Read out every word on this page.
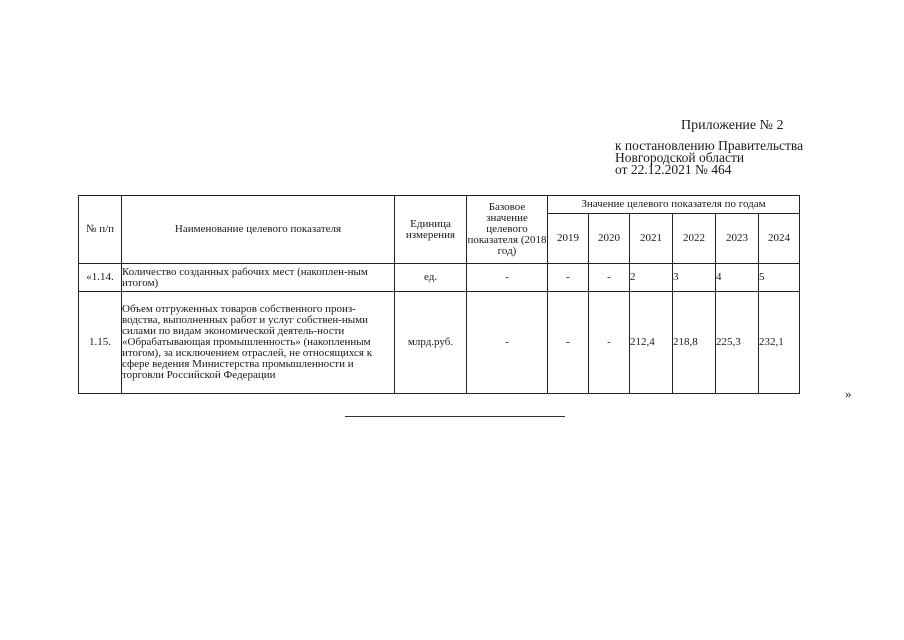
Приложение № 2
к постановлению Правительства
Новгородской области
от 22.12.2021 № 464
№ п/п	Наименование целевого показателя	Единица измерения	Базовое значение целевого показателя (2018 год)	Значение целевого показателя по годам					
				2019	2020	2021	2022	2023	2024
«1.14.	Количество созданных рабочих мест (накоплен-ным итогом)	ед.	-	-	-	2	3	4	5
1.15.	Объем отгруженных товаров собственного произ-водства, выполненных работ и услуг собствен-ными силами по видам экономической деятель-ности «Обрабатывающая промышленность» (накопленным итогом), за исключением отраслей, не относящихся к сфере ведения Министерства промышленности и торговли Российской Федерации	млрд.руб.	-	-	-	212,4	218,8	225,3	232,1
»
